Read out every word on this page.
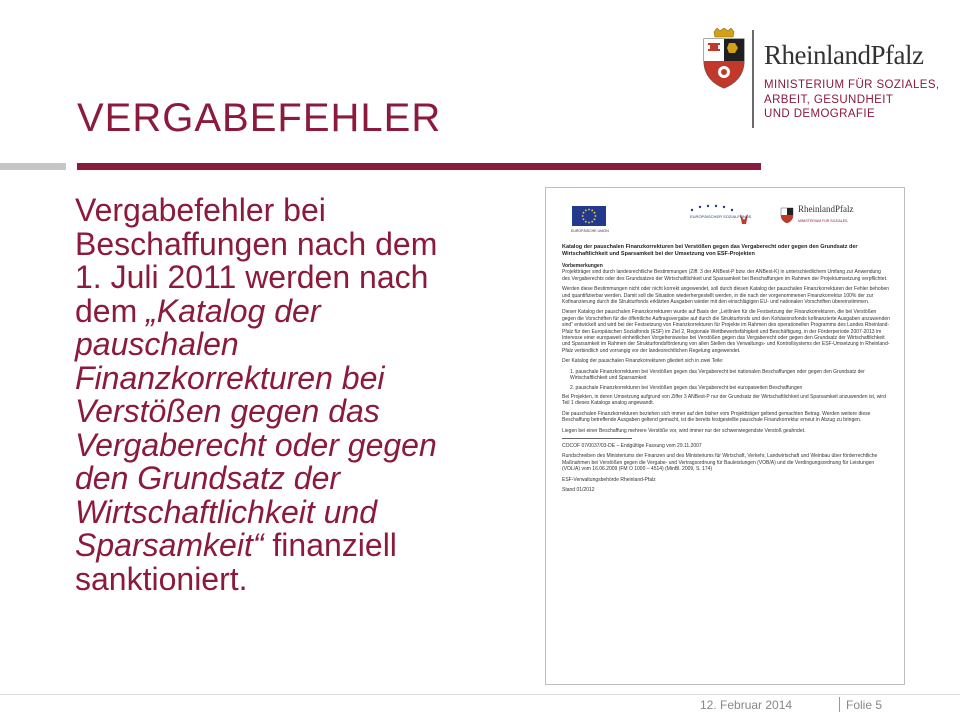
VERGABEFEHLER
Vergabefehler bei
Beschaffungen nach dem
1. Juli 2011 werden nach
dem „Katalog der
pauschalen
Finanzkorrekturen bei
Verstößen gegen das
Vergaberecht oder gegen
den Grundsatz der
Wirtschaftlichkeit und
Sparsamkeit“ finanziell
sanktioniert.
RheinlandPfalz
MINISTERIUM FÜR SOZIALES,
ARBEIT, GESUNDHEIT
UND DEMOGRAFIE
EUROPÄISCHE UNION
EUROPÄISCHER SOZIALFONDS
RheinlandPfalz
MINISTERIUM FÜR SOZIALES,
Katalog der pauschalen Finanzkorrekturen bei Verstößen gegen das Vergaberecht oder gegen den Grundsatz der Wirtschaftlichkeit und Sparsamkeit bei der Umsetzung von ESF-Projekten
Vorbemerkungen

Projektträger sind durch landesrechtliche Bestimmungen (Ziff. 3 der ANBest-P bzw. der ANBest-K) in unterschiedlichem Umfang zur Anwendung des Vergaberechts oder des Grundsatzes der Wirtschaftlichkeit und Sparsamkeit bei Beschaffungen im Rahmen der Projektumsetzung verpflichtet.

Werden diese Bestimmungen nicht oder nicht korrekt angewendet, soll durch diesen Katalog der pauschalen Finanzkorrekturen der Fehler behoben und quantifizierbar werden. Damit soll die Situation wiederhergestellt werden, in die nach der vorgenommenen Finanzkorrektur 100% der zur Kofinanzierung durch die Strukturfonds erklärten Ausgaben wieder mit den einschlägigen EU- und nationalen Vorschriften übereinstimmen.

Dieser Katalog der pauschalen Finanzkorrekturen wurde auf Basis der „Leitlinien für die Festsetzung der Finanzkorrekturen, die bei Verstößen gegen die Vorschriften für die öffentliche Auftragsvergabe auf durch die Strukturfonds und den Kohäsionsfonds kofinanzierte Ausgaben anzuwenden sind“ entwickelt und wird bei der Festsetzung von Finanzkorrekturen für Projekte im Rahmen des operationellen Programms des Landes Rheinland-Pfalz für den Europäischen Sozialfonds (ESF) im Ziel 2, Regionale Wettbewerbsfähigkeit und Beschäftigung, in der Förderperiode 2007-2013 im Interesse einer europaweit einheitlichen Vorgehensweise bei Verstößen gegen das Vergaberecht oder gegen den Grundsatz der Wirtschaftlichkeit und Sparsamkeit im Rahmen der Strukturfondsförderung von allen Stellen des Verwaltungs- und Kontrollsystems der ESF-Umsetzung in Rheinland-Pfalz verbindlich und vorrangig vor der landesrechtlichen Regelung angewendet.

Der Katalog der pauschalen Finanzkorrekturen gliedert sich in zwei Teile:

1. pauschale Finanzkorrekturen bei Verstößen gegen das Vergaberecht bei nationalen Beschaffungen oder gegen den Grundsatz der Wirtschaftlichkeit und Sparsamkeit

2. pauschale Finanzkorrekturen bei Verstößen gegen das Vergaberecht bei europaweiten Beschaffungen

Bei Projekten, in deren Umsetzung aufgrund von Ziffer 3 ANBest-P nur der Grundsatz der Wirtschaftlichkeit und Sparsamkeit anzuwenden ist, wird Teil 1 dieses Katalogs analog angewandt.

Die pauschalen Finanzkorrekturen beziehen sich immer auf den bisher vom Projektträger geltend gemachten Betrag. Werden weitere diese Beschaffung betreffende Ausgaben geltend gemacht, ist die bereits festgestellte pauschale Finanzkorrektur erneut in Abzug zu bringen.

Liegen bei einer Beschaffung mehrere Verstöße vor, wird immer nur der schwerwiegendste Verstoß geahndet.

COCOF 07/0037/03-DE – Endgültige Fassung vom 29.11.2007

Rundschreiben des Ministeriums der Finanzen und des Ministeriums für Wirtschaft, Verkehr, Landwirtschaft und Weinbau über förderrechtliche Maßnahmen bei Verstößen gegen die Vergabe- und Vertragsordnung für Bauleistungen (VOB/A) und die Verdingungsordnung für Leistungen (VOL/A) vom 16.06.2009 (FM O 1000 – 4514) (MinBl. 2009, S. 174)

ESF-Verwaltungsbehörde Rheinland-Pfalz

Stand 01/2012

12. Februar 2014	Folie 5
